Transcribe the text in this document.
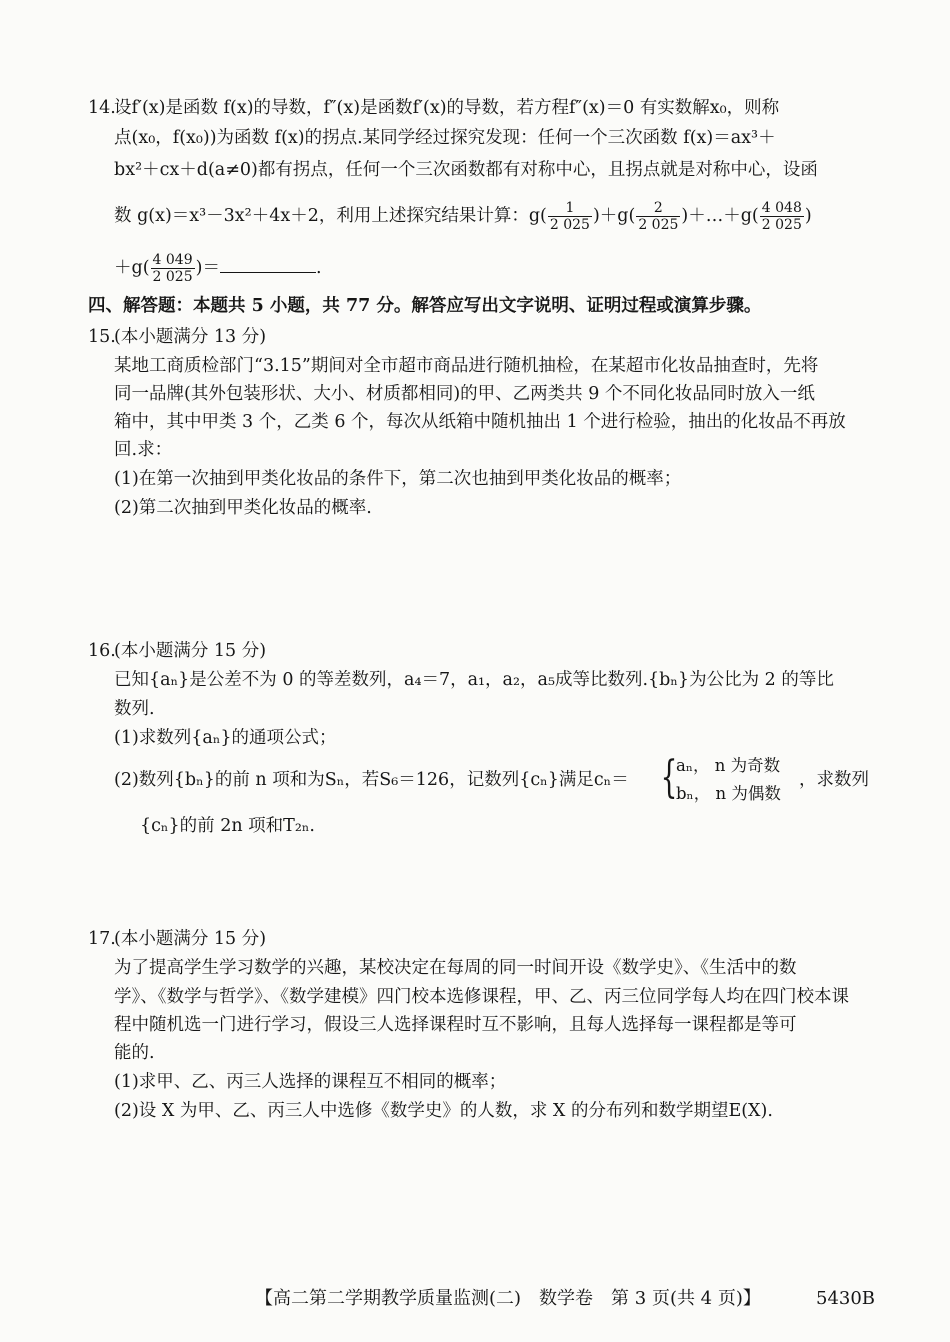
14.
设f′(x)是函数 f(x)的导数，f″(x)是函数f′(x)的导数，若方程f″(x)＝0 有实数解x₀，则称
点(x₀，f(x₀))为函数 f(x)的拐点.某同学经过探究发现：任何一个三次函数 f(x)＝ax³＋
bx²＋cx＋d(a≠0)都有拐点，任何一个三次函数都有对称中心，且拐点就是对称中心，设函
数 g(x)＝x³－3x²＋4x＋2，利用上述探究结果计算：$g( \frac{1}{2 025} )+g( \frac{2}{2 025}$ )＋…＋g( $\frac{4 048}{2 025}$ )
$+g( \frac{4 049}{2 025}$ )＝	.
四、解答题：本题共 5 小题，共 77 分。解答应写出文字说明、证明过程或演算步骤。
15.
(本小题满分 13 分)
某地工商质检部门“3.15”期间对全市超市商品进行随机抽检，在某超市化妆品抽查时，先将
同一品牌(其外包装形状、大小、材质都相同)的甲、乙两类共 9 个不同化妆品同时放入一纸
箱中，其中甲类 3 个，乙类 6 个，每次从纸箱中随机抽出 1 个进行检验，抽出的化妆品不再放
回.求：
(1)在第一次抽到甲类化妆品的条件下，第二次也抽到甲类化妆品的概率；
(2)第二次抽到甲类化妆品的概率.
16.
(本小题满分 15 分)
已知{aₙ}是公差不为 0 的等差数列，a₄＝7，a₁，a₂，a₅成等比数列.{bₙ}为公比为 2 的等比
数列.
(1)求数列{aₙ}的通项公式；
(2)数列{bₙ}的前 n 项和为Sₙ，若S₆＝126，记数列{cₙ}满足cₙ＝ {
aₙ， n 为奇数
bₙ， n 为偶数
，求数列
{cₙ}的前 2n 项和T₂ₙ.
17.
(本小题满分 15 分)
为了提高学生学习数学的兴趣，某校决定在每周的同一时间开设《数学史》、《生活中的数
学》、《数学与哲学》、《数学建模》四门校本选修课程，甲、乙、丙三位同学每人均在四门校本课
程中随机选一门进行学习，假设三人选择课程时互不影响，且每人选择每一课程都是等可
能的.
(1)求甲、乙、丙三人选择的课程互不相同的概率；
(2)设 X 为甲、乙、丙三人中选修《数学史》的人数，求 X 的分布列和数学期望E(X).
【高二第二学期教学质量监测(二)　数学卷　第 3 页(共 4 页)】	5430B
